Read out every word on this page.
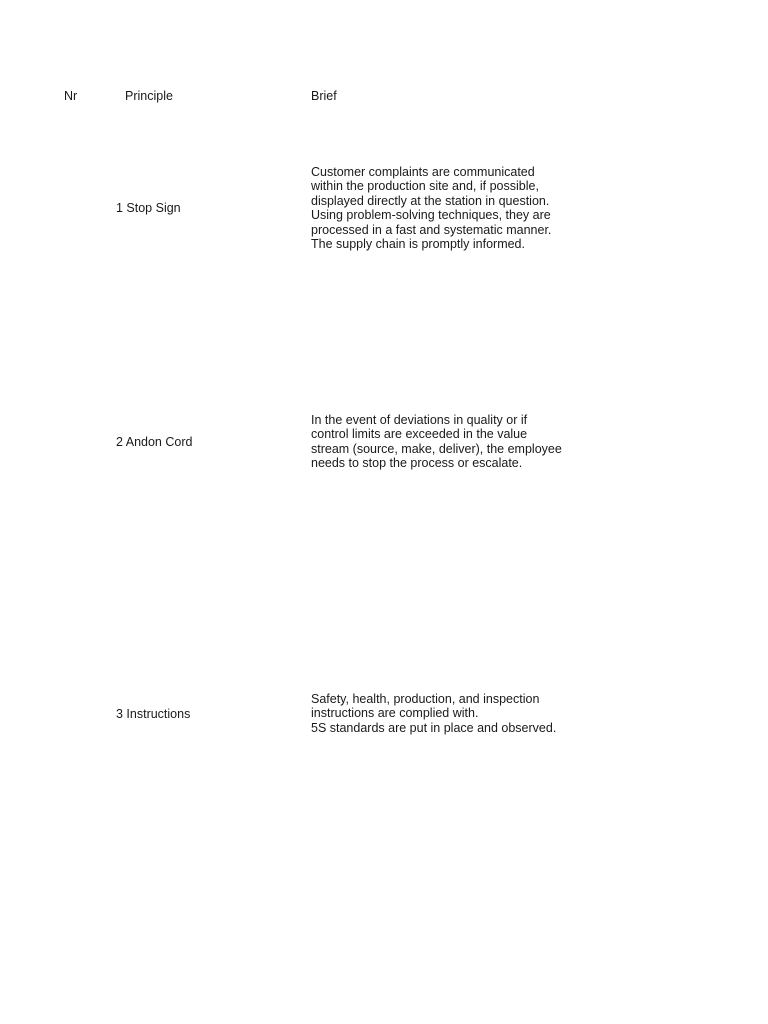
Nr	Principle	Brief
1 Stop Sign
Customer complaints are communicated
within the production site and, if possible,
displayed directly at the station in question.
Using problem-solving techniques, they are
processed in a fast and systematic manner.
The supply chain is promptly informed.
2 Andon Cord
In the event of deviations in quality or if
control limits are exceeded in the value
stream (source, make, deliver), the employee
needs to stop the process or escalate.
3 Instructions
Safety, health, production, and inspection
instructions are complied with.
5S standards are put in place and observed.
